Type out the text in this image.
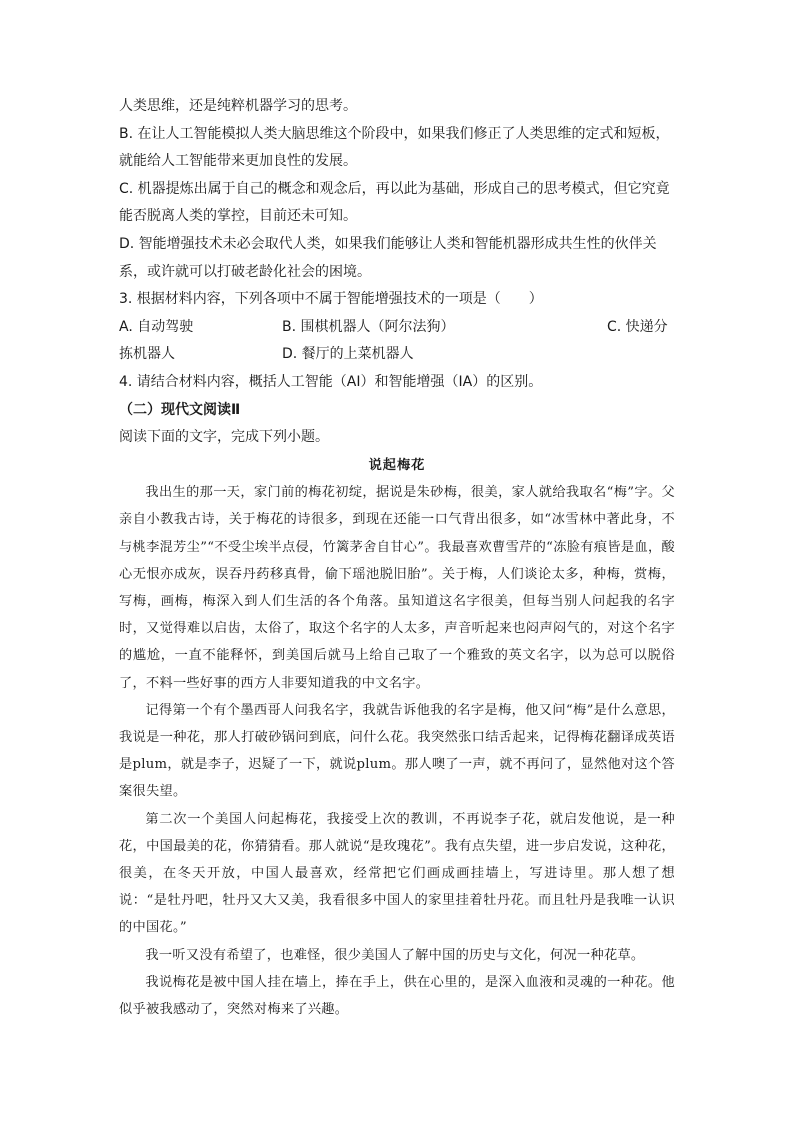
人类思维，还是纯粹机器学习的思考。

B. 在让人工智能模拟人类大脑思维这个阶段中，如果我们修正了人类思维的定式和短板，

就能给人工智能带来更加良性的发展。

C. 机器提炼出属于自己的概念和观念后，再以此为基础，形成自己的思考模式，但它究竟

能否脱离人类的掌控，目前还未可知。

D. 智能增强技术未必会取代人类，如果我们能够让人类和智能机器形成共生性的伙伴关

系，或许就可以打破老龄化社会的困境。

3. 根据材料内容，下列各项中不属于智能增强技术的一项是（　　）

A. 自动驾驶	B. 围棋机器人（阿尔法狗）	C. 快递分
拣机器人	D. 餐厅的上菜机器人

4. 请结合材料内容，概括人工智能（AI）和智能增强（IA）的区别。

（二）现代文阅读Ⅱ

阅读下面的文字，完成下列小题。

说起梅花

我出生的那一天，家门前的梅花初绽，据说是朱砂梅，很美，家人就给我取名“梅”字。父亲自小教我古诗，关于梅花的诗很多，到现在还能一口气背出很多，如“冰雪林中著此身，不与桃李混芳尘”“不受尘埃半点侵，竹篱茅舍自甘心”。我最喜欢曹雪芹的“冻脸有痕皆是血，酸心无恨亦成灰，误吞丹药移真骨，偷下瑶池脱旧胎”。关于梅，人们谈论太多，种梅，赏梅，写梅，画梅，梅深入到人们生活的各个角落。虽知道这名字很美，但每当别人问起我的名字时，又觉得难以启齿，太俗了，取这个名字的人太多，声音听起来也闷声闷气的，对这个名字的尴尬，一直不能释怀，到美国后就马上给自己取了一个雅致的英文名字，以为总可以脱俗了，不料一些好事的西方人非要知道我的中文名字。

记得第一个有个墨西哥人问我名字，我就告诉他我的名字是梅，他又问“梅”是什么意思，我说是一种花，那人打破砂锅问到底，问什么花。我突然张口结舌起来，记得梅花翻译成英语是plum，就是李子，迟疑了一下，就说plum。那人噢了一声，就不再问了，显然他对这个答案很失望。

第二次一个美国人问起梅花，我接受上次的教训，不再说李子花，就启发他说，是一种花，中国最美的花，你猜猜看。那人就说“是玫瑰花”。我有点失望，进一步启发说，这种花，很美，在冬天开放，中国人最喜欢，经常把它们画成画挂墙上，写进诗里。那人想了想说：“是牡丹吧，牡丹又大又美，我看很多中国人的家里挂着牡丹花。而且牡丹是我唯一认识的中国花。”

我一听又没有希望了，也难怪，很少美国人了解中国的历史与文化，何况一种花草。

我说梅花是被中国人挂在墙上，捧在手上，供在心里的，是深入血液和灵魂的一种花。他似乎被我感动了，突然对梅来了兴趣。
